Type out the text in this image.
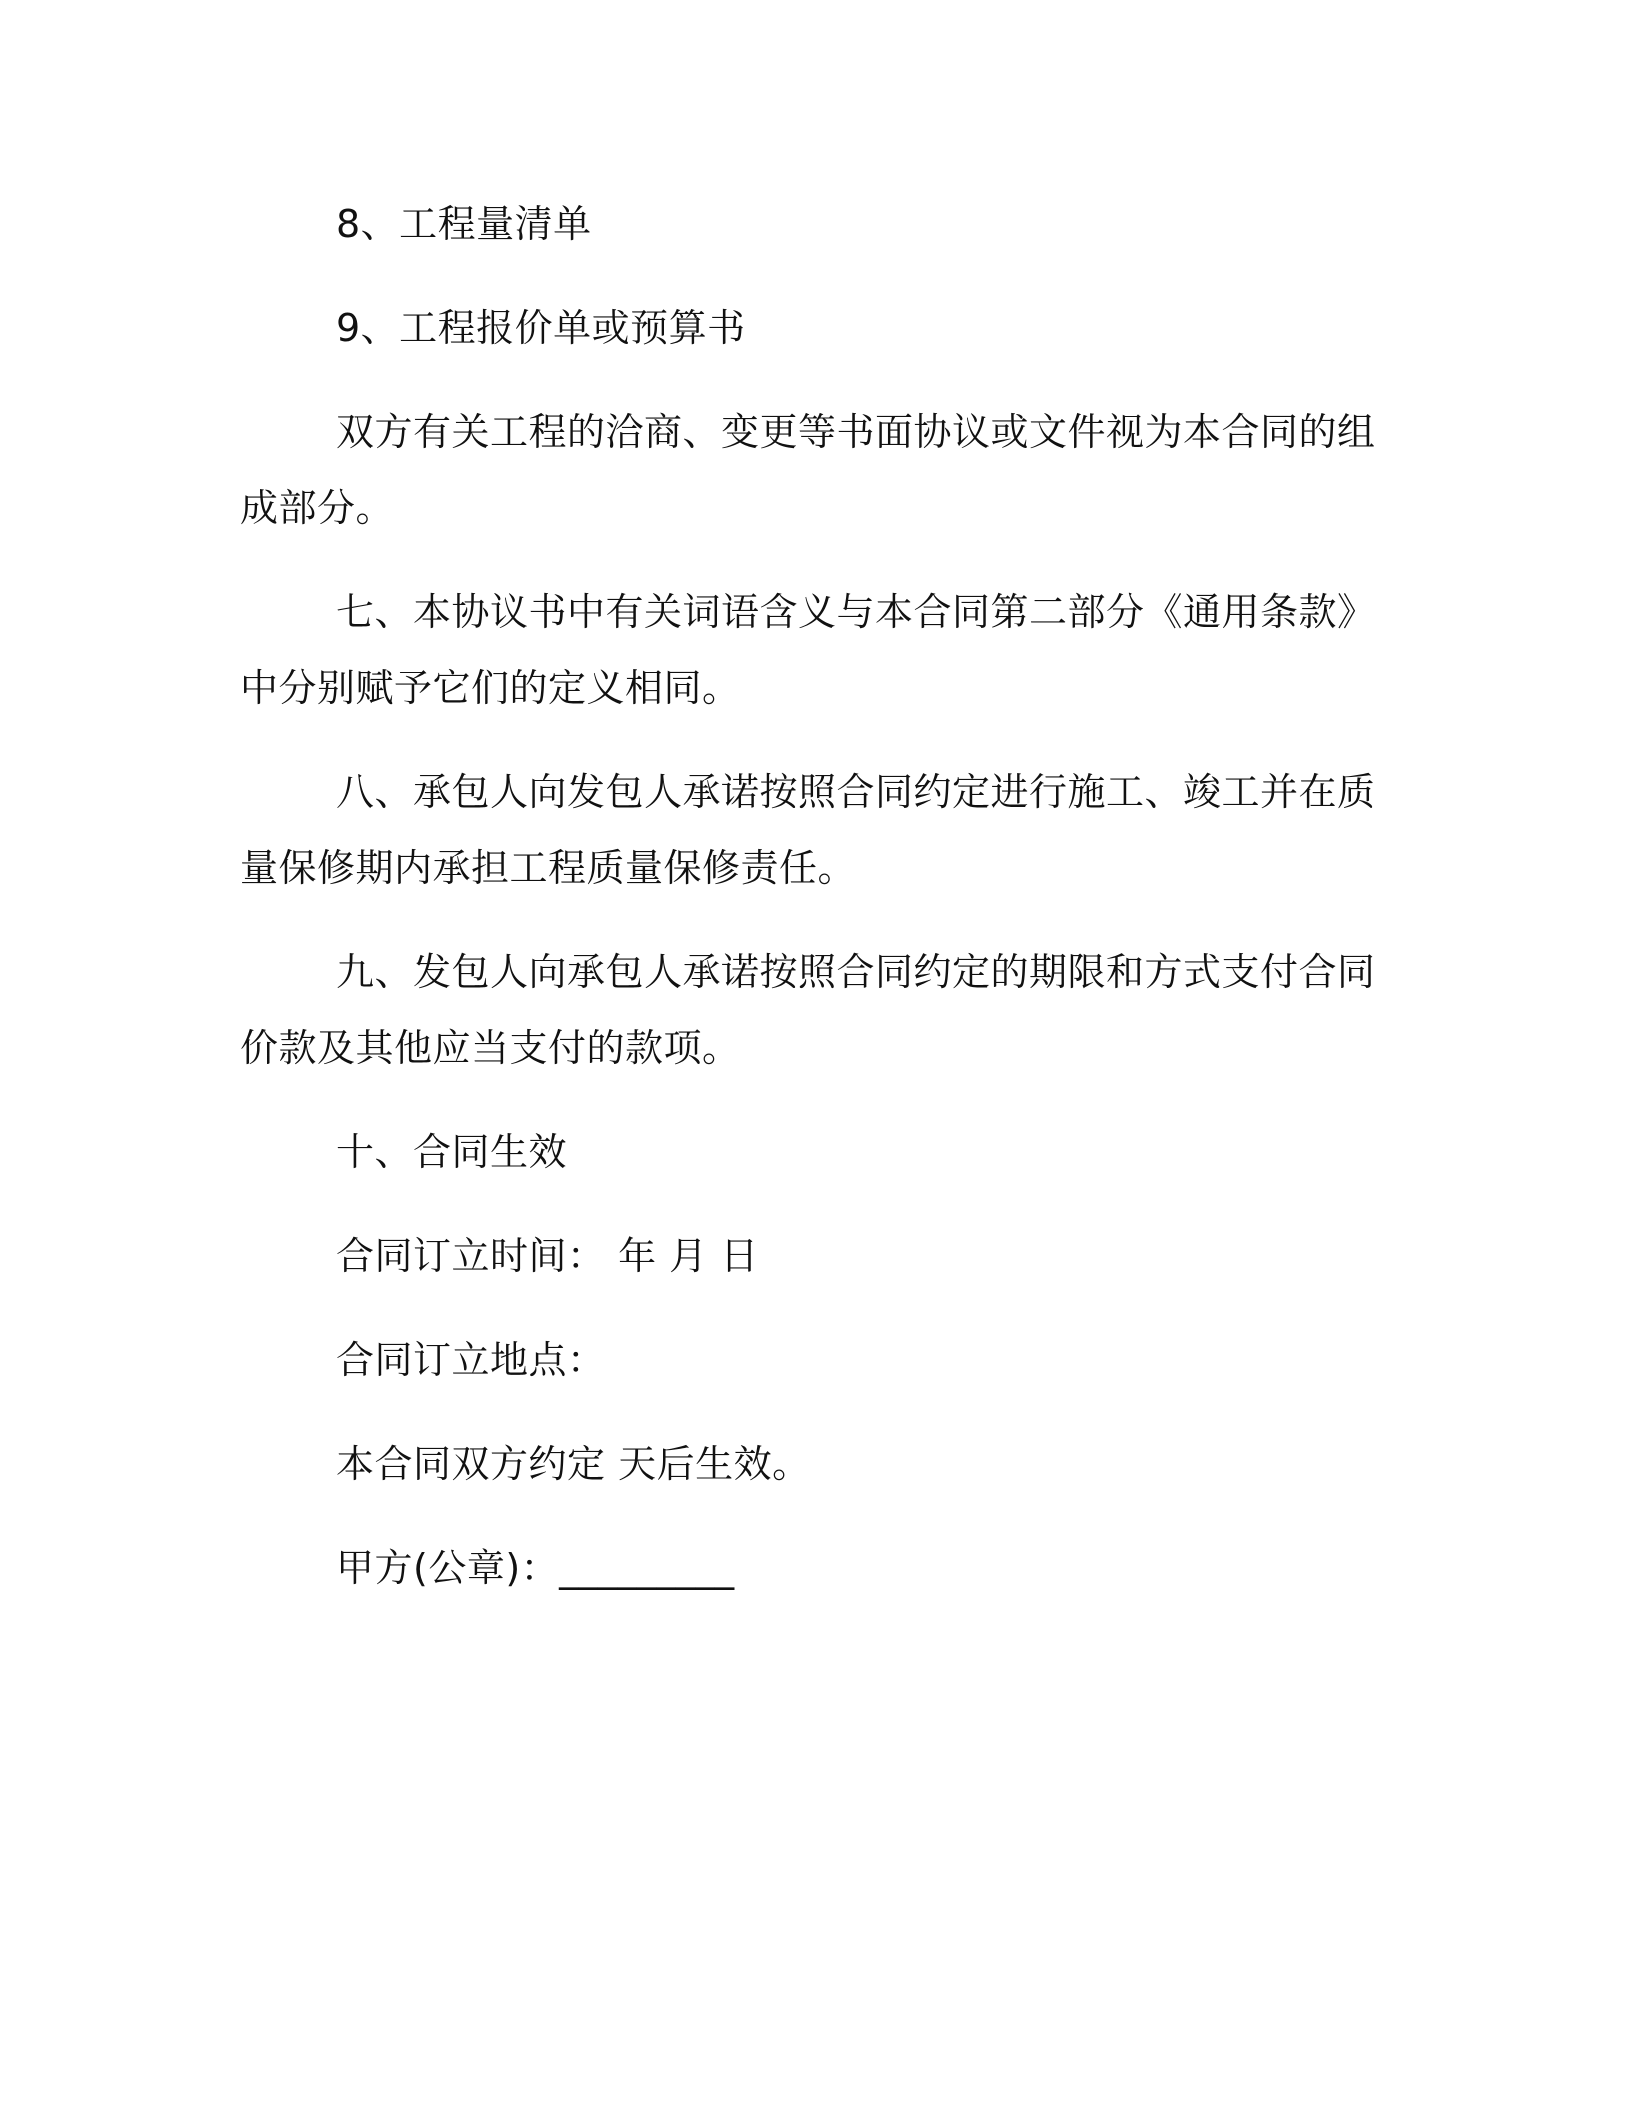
8、工程量清单

9、工程报价单或预算书

双方有关工程的洽商、变更等书面协议或文件视为本合同的组成部分。

七、本协议书中有关词语含义与本合同第二部分《通用条款》中分别赋予它们的定义相同。

八、承包人向发包人承诺按照合同约定进行施工、竣工并在质量保修期内承担工程质量保修责任。

九、发包人向承包人承诺按照合同约定的期限和方式支付合同价款及其他应当支付的款项。

十、合同生效

合同订立时间： 年 月 日

合同订立地点：

本合同双方约定 天后生效。

甲方(公章)：_________
